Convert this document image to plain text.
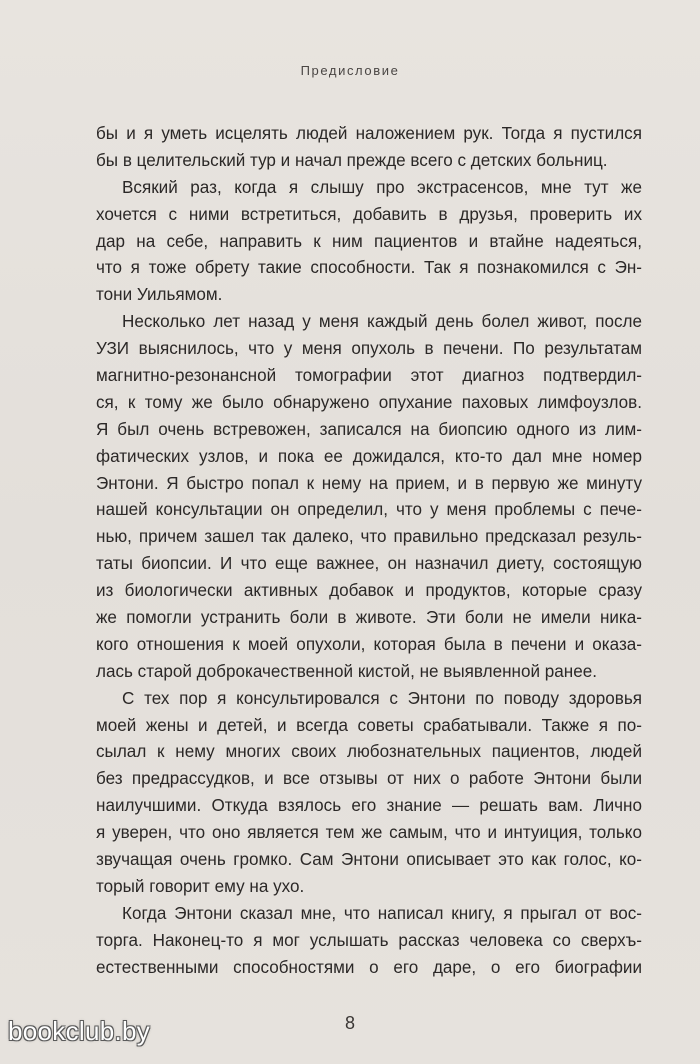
Предисловие
бы и я уметь исцелять людей наложением рук. Тогда я пустился
бы в целительский тур и начал прежде всего с детских больниц.
Всякий раз, когда я слышу про экстрасенсов, мне тут же
хочется с ними встретиться, добавить в друзья, проверить их
дар на себе, направить к ним пациентов и втайне надеяться,
что я тоже обрету такие способности. Так я познакомился с Эн-
тони Уильямом.
Несколько лет назад у меня каждый день болел живот, после
УЗИ выяснилось, что у меня опухоль в печени. По результатам
магнитно-резонансной томографии этот диагноз подтвердил-
ся, к тому же было обнаружено опухание паховых лимфоузлов.
Я был очень встревожен, записался на биопсию одного из лим-
фатических узлов, и пока ее дожидался, кто-то дал мне номер
Энтони. Я быстро попал к нему на прием, и в первую же минуту
нашей консультации он определил, что у меня проблемы с пече-
нью, причем зашел так далеко, что правильно предсказал резуль-
таты биопсии. И что еще важнее, он назначил диету, состоящую
из биологически активных добавок и продуктов, которые сразу
же помогли устранить боли в животе. Эти боли не имели ника-
кого отношения к моей опухоли, которая была в печени и оказа-
лась старой доброкачественной кистой, не выявленной ранее.
С тех пор я консультировался с Энтони по поводу здоровья
моей жены и детей, и всегда советы срабатывали. Также я по-
сылал к нему многих своих любознательных пациентов, людей
без предрассудков, и все отзывы от них о работе Энтони были
наилучшими. Откуда взялось его знание — решать вам. Лично
я уверен, что оно является тем же самым, что и интуиция, только
звучащая очень громко. Сам Энтони описывает это как голос, ко-
торый говорит ему на ухо.
Когда Энтони сказал мне, что написал книгу, я прыгал от вос-
торга. Наконец-то я мог услышать рассказ человека со сверхъ-
естественными способностями о его даре, о его биографии
8
bookclub.by
